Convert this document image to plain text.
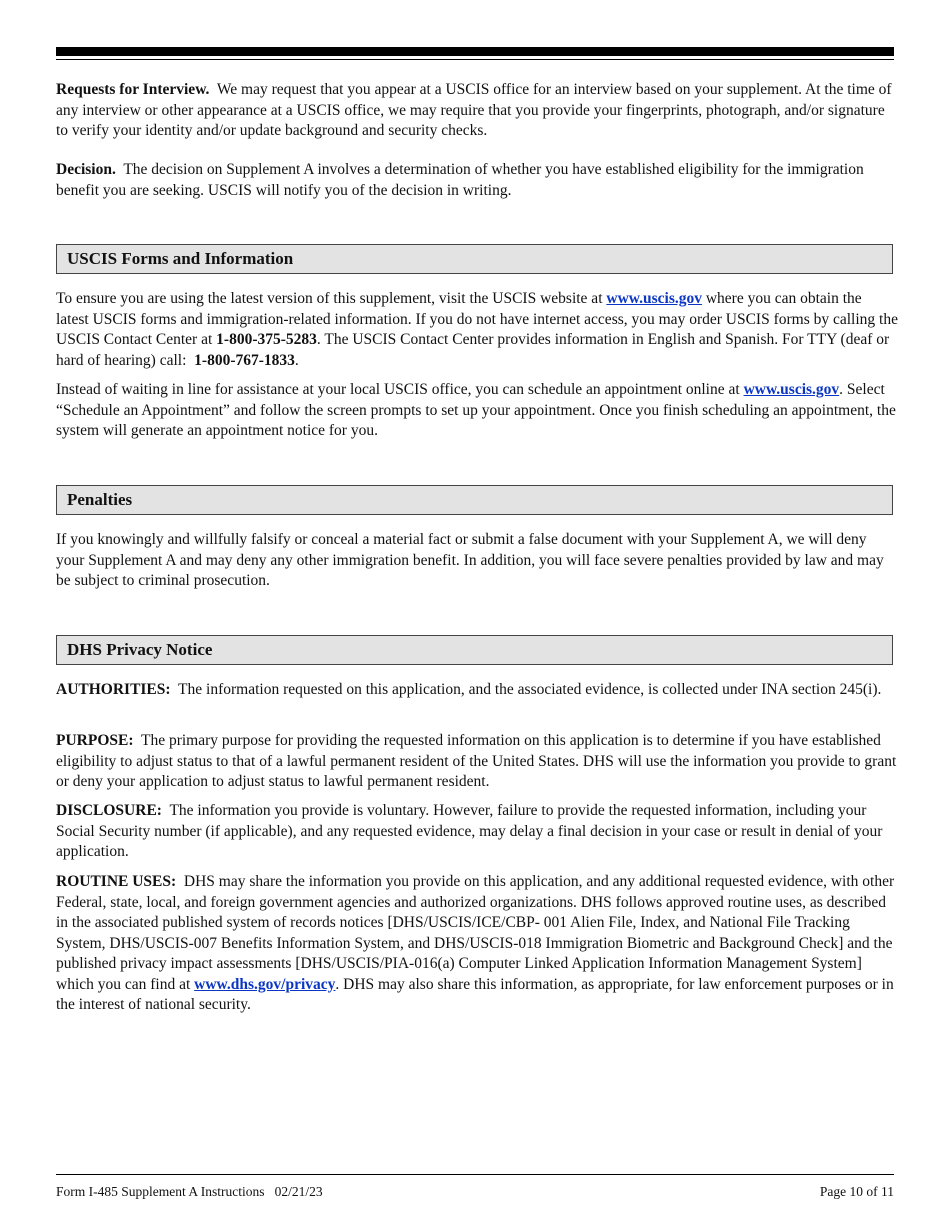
Requests for Interview. We may request that you appear at a USCIS office for an interview based on your supplement. At the time of any interview or other appearance at a USCIS office, we may require that you provide your fingerprints, photograph, and/or signature to verify your identity and/or update background and security checks.

Decision. The decision on Supplement A involves a determination of whether you have established eligibility for the immigration benefit you are seeking. USCIS will notify you of the decision in writing.

USCIS Forms and Information

To ensure you are using the latest version of this supplement, visit the USCIS website at www.uscis.gov where you can obtain the latest USCIS forms and immigration-related information. If you do not have internet access, you may order USCIS forms by calling the USCIS Contact Center at 1-800-375-5283. The USCIS Contact Center provides information in English and Spanish. For TTY (deaf or hard of hearing) call: 1-800-767-1833.

Instead of waiting in line for assistance at your local USCIS office, you can schedule an appointment online at www.uscis.gov. Select “Schedule an Appointment” and follow the screen prompts to set up your appointment. Once you finish scheduling an appointment, the system will generate an appointment notice for you.

Penalties

If you knowingly and willfully falsify or conceal a material fact or submit a false document with your Supplement A, we will deny your Supplement A and may deny any other immigration benefit. In addition, you will face severe penalties provided by law and may be subject to criminal prosecution.

DHS Privacy Notice

AUTHORITIES: The information requested on this application, and the associated evidence, is collected under INA section 245(i).

PURPOSE: The primary purpose for providing the requested information on this application is to determine if you have established eligibility to adjust status to that of a lawful permanent resident of the United States. DHS will use the information you provide to grant or deny your application to adjust status to lawful permanent resident.

DISCLOSURE: The information you provide is voluntary. However, failure to provide the requested information, including your Social Security number (if applicable), and any requested evidence, may delay a final decision in your case or result in denial of your application.

ROUTINE USES: DHS may share the information you provide on this application, and any additional requested evidence, with other Federal, state, local, and foreign government agencies and authorized organizations. DHS follows approved routine uses, as described in the associated published system of records notices [DHS/USCIS/ICE/CBP- 001 Alien File, Index, and National File Tracking System, DHS/USCIS-007 Benefits Information System, and DHS/USCIS-018 Immigration Biometric and Background Check] and the published privacy impact assessments [DHS/USCIS/PIA-016(a) Computer Linked Application Information Management System] which you can find at www.dhs.gov/privacy. DHS may also share this information, as appropriate, for law enforcement purposes or in the interest of national security.

Form I-485 Supplement A Instructions   02/21/23	Page 10 of 11
